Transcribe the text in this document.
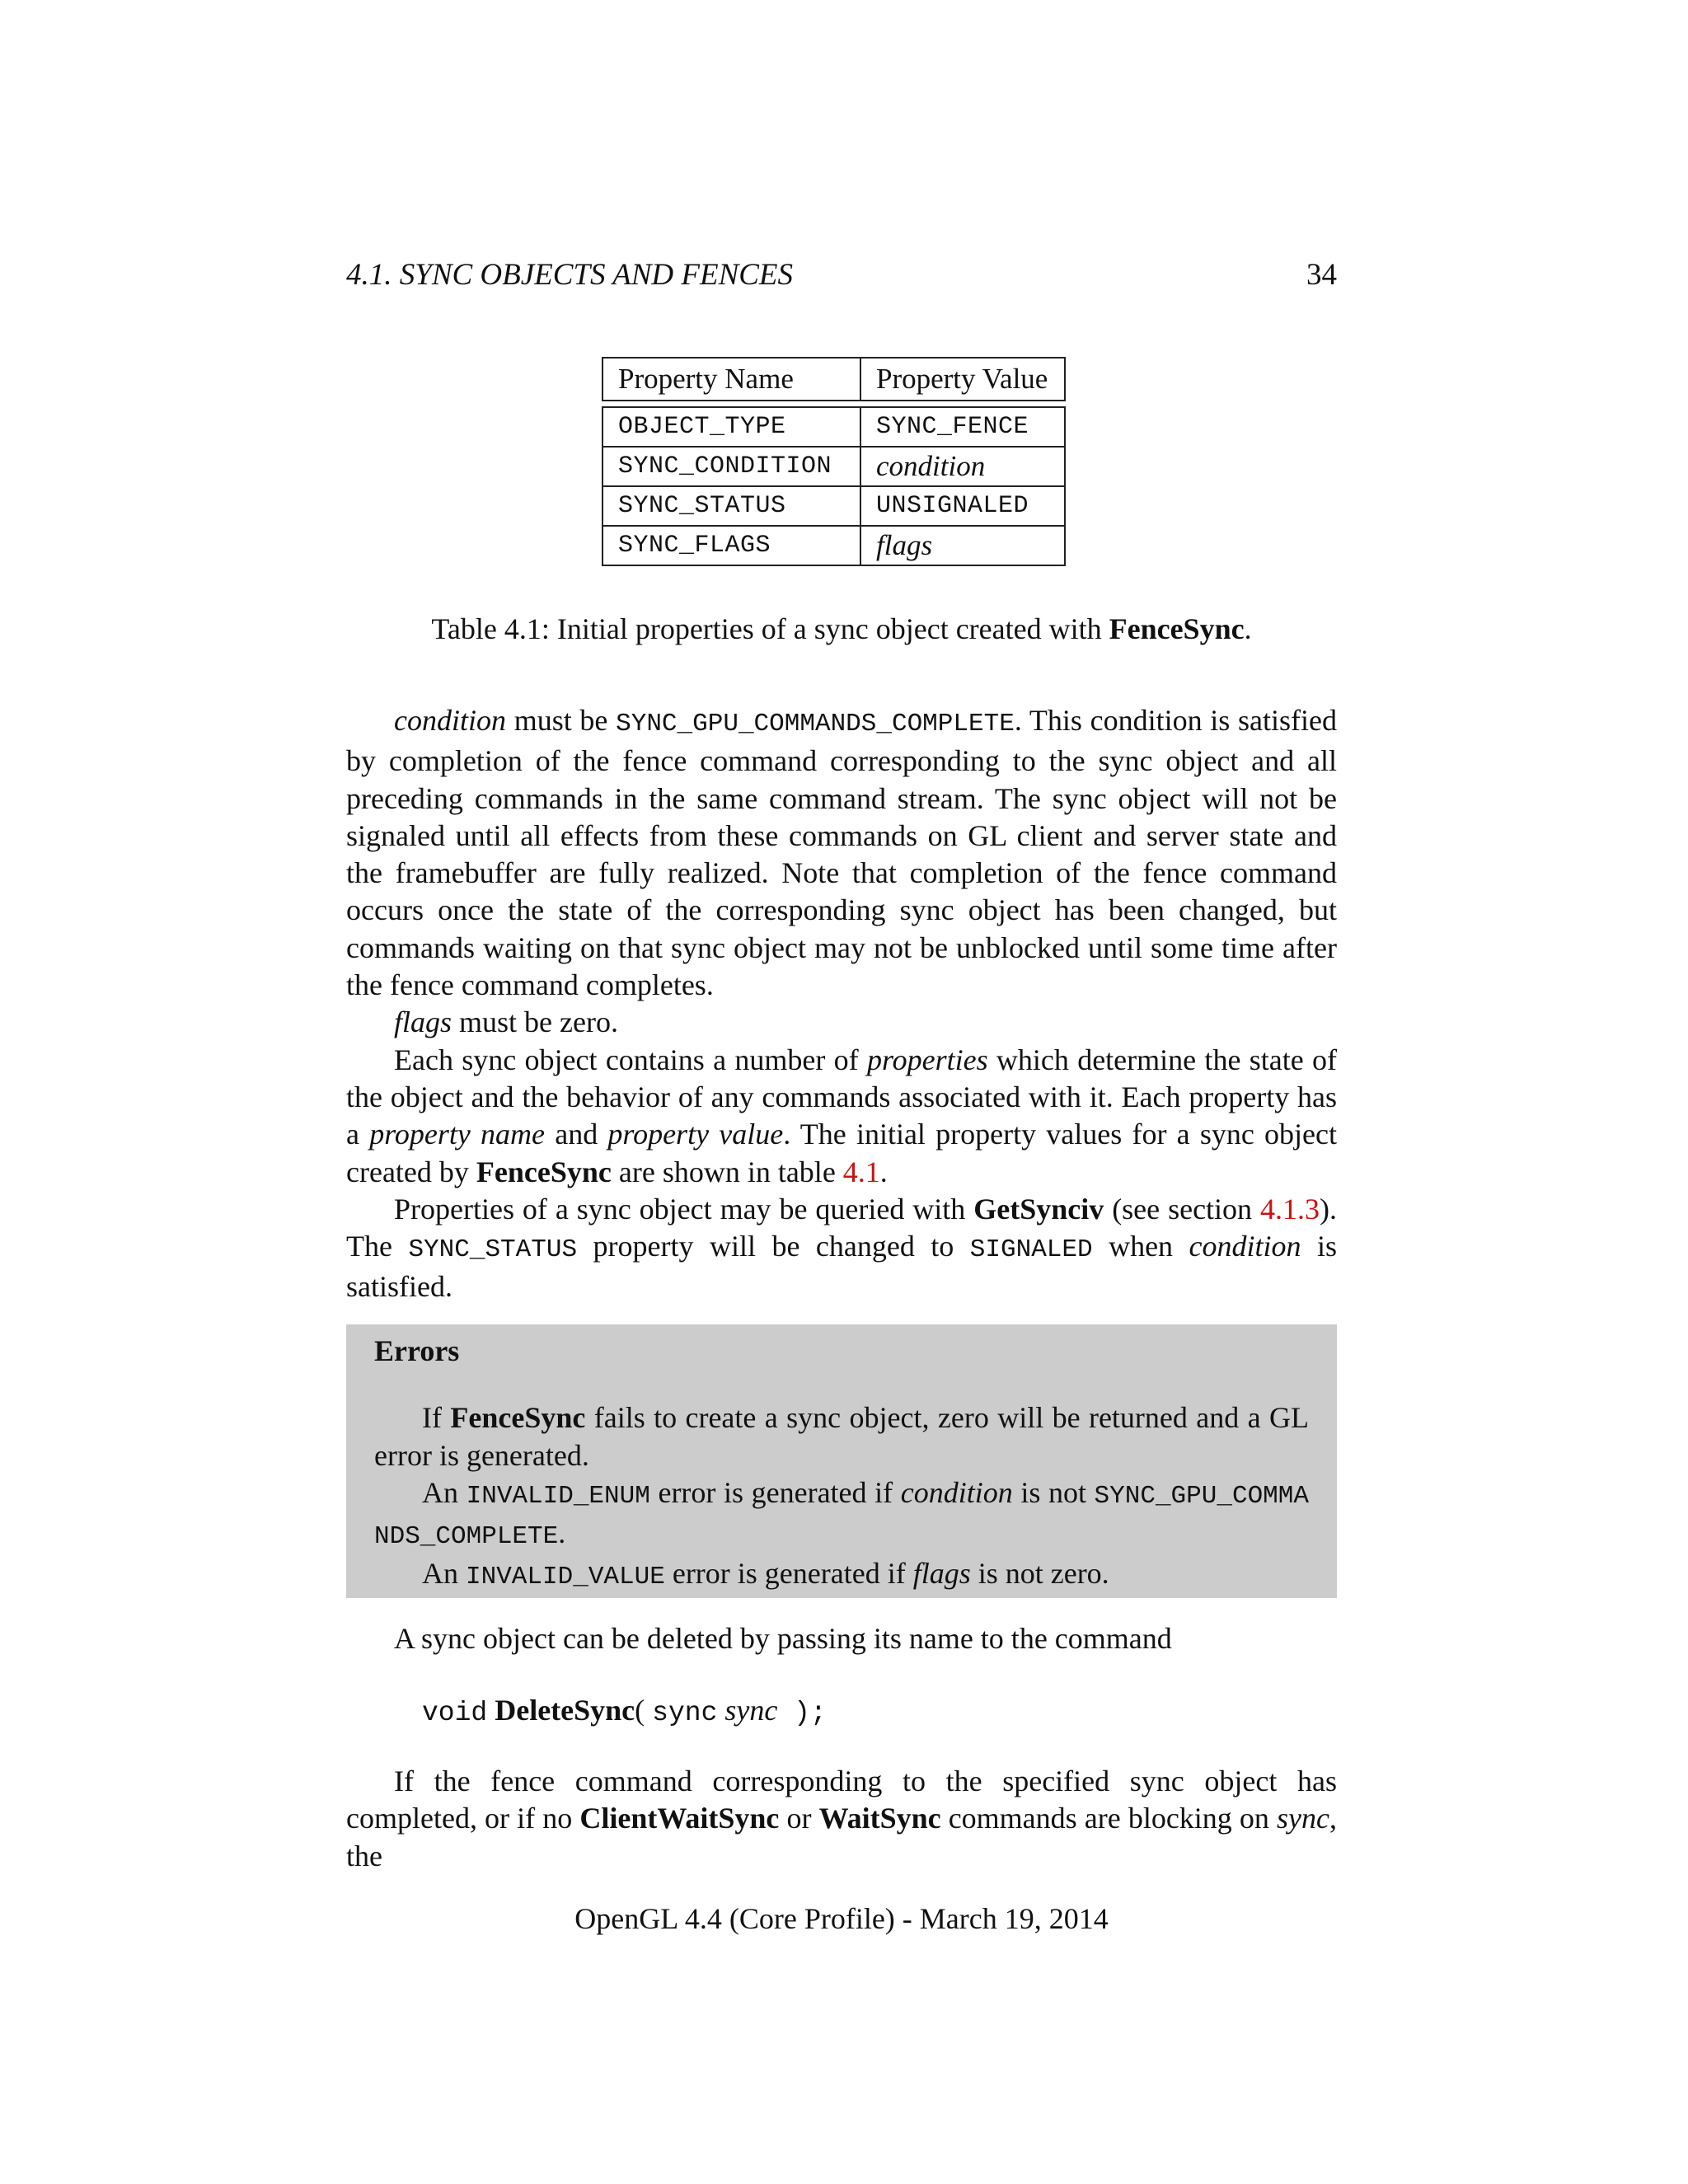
4.1. SYNC OBJECTS AND FENCES	34
Property Name	Property Value

OBJECT_TYPE	SYNC_FENCE
SYNC_CONDITION	condition
SYNC_STATUS	UNSIGNALED
SYNC_FLAGS	flags
Table 4.1: Initial properties of a sync object created with FenceSync.

condition must be SYNC_GPU_COMMANDS_COMPLETE. This condition is satisfied by completion of the fence command corresponding to the sync object and all preceding commands in the same command stream. The sync object will not be signaled until all effects from these commands on GL client and server state and the framebuffer are fully realized. Note that completion of the fence command occurs once the state of the corresponding sync object has been changed, but commands waiting on that sync object may not be unblocked until some time after the fence command completes.

flags must be zero.

Each sync object contains a number of properties which determine the state of the object and the behavior of any commands associated with it. Each property has a property name and property value. The initial property values for a sync object created by FenceSync are shown in table 4.1.

Properties of a sync object may be queried with GetSynciv (see section 4.1.3). The SYNC_STATUS property will be changed to SIGNALED when condition is satisfied.

Errors

If FenceSync fails to create a sync object, zero will be returned and a GL error is generated.

An INVALID_ENUM error is generated if condition is not SYNC_GPU_COMMANDS_COMPLETE.

An INVALID_VALUE error is generated if flags is not zero.

A sync object can be deleted by passing its name to the command

void DeleteSync( sync sync );

If the fence command corresponding to the specified sync object has completed, or if no ClientWaitSync or WaitSync commands are blocking on sync, the

OpenGL 4.4 (Core Profile) - March 19, 2014
